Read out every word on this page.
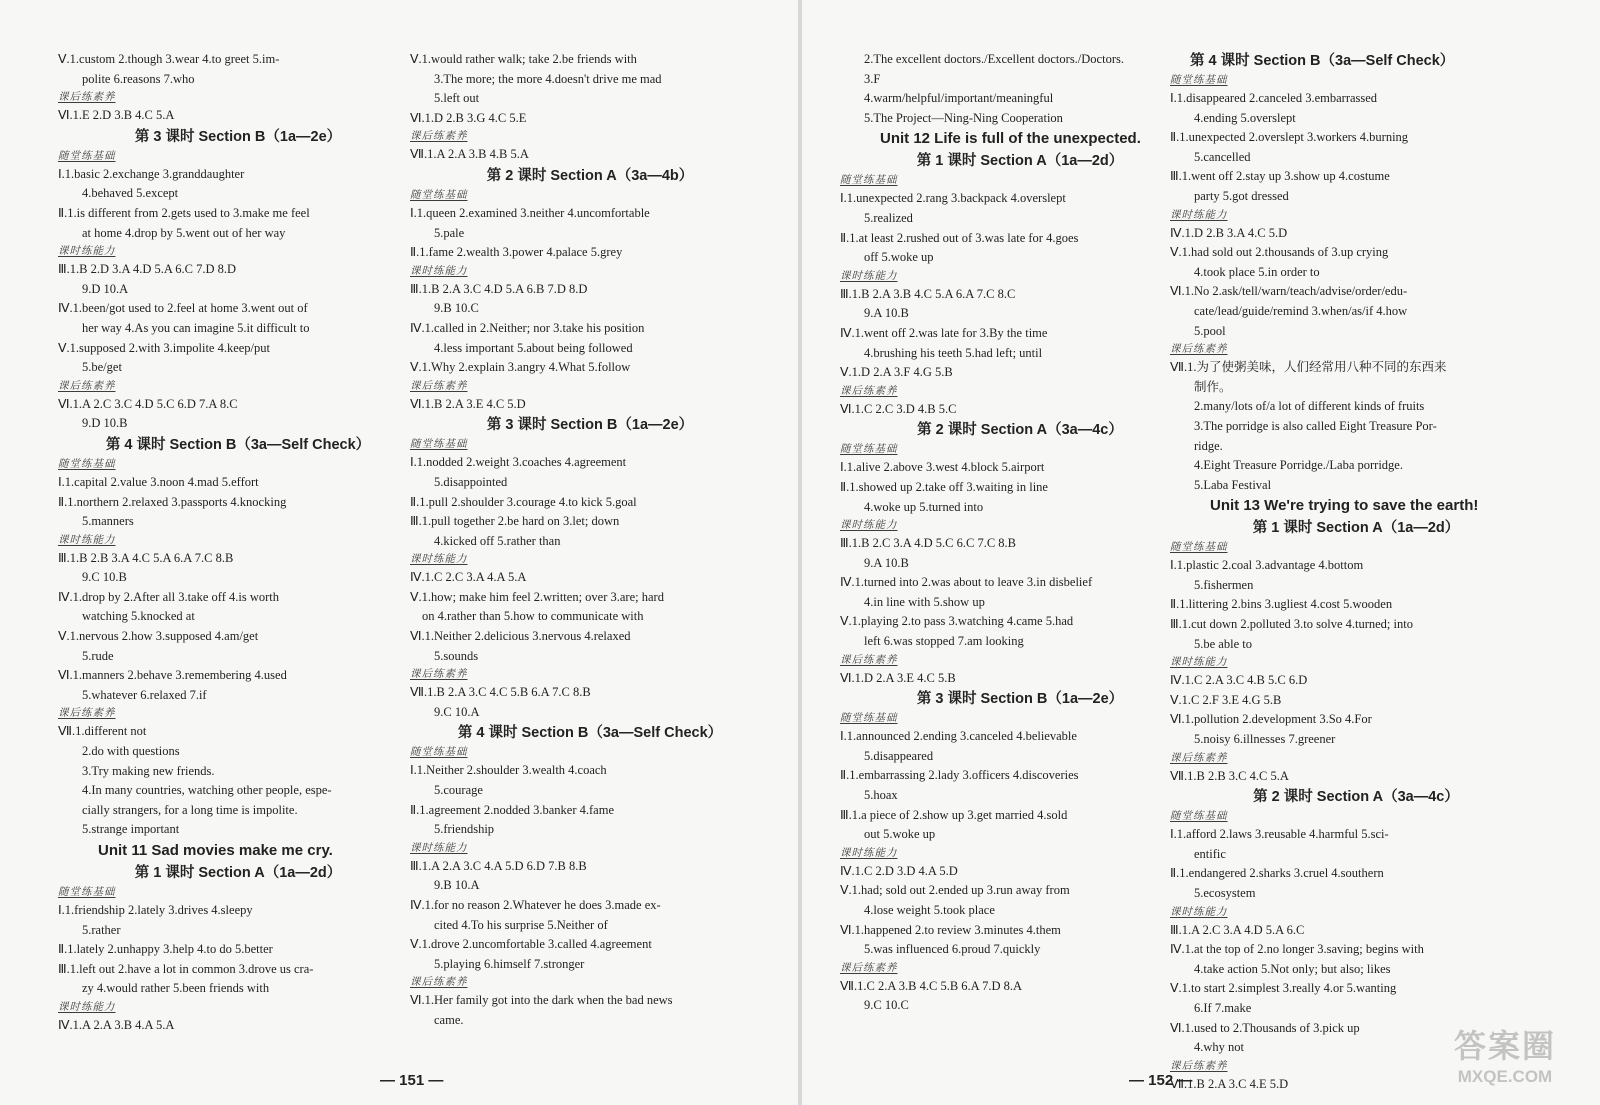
Ⅴ.1.custom 2.though 3.wear 4.to greet 5.im-
polite 6.reasons 7.who
课后练素养
Ⅵ.1.E 2.D 3.B 4.C 5.A
第 3 课时 Section B（1a—2e）
随堂练基础
Ⅰ.1.basic 2.exchange 3.granddaughter
4.behaved 5.except
Ⅱ.1.is different from 2.gets used to 3.make me feel
at home 4.drop by 5.went out of her way
课时练能力
Ⅲ.1.B 2.D 3.A 4.D 5.A 6.C 7.D 8.D
9.D 10.A
Ⅳ.1.been/got used to 2.feel at home 3.went out of
her way 4.As you can imagine 5.it difficult to
Ⅴ.1.supposed 2.with 3.impolite 4.keep/put
5.be/get
课后练素养
Ⅵ.1.A 2.C 3.C 4.D 5.C 6.D 7.A 8.C
9.D 10.B
第 4 课时 Section B（3a—Self Check）
随堂练基础
Ⅰ.1.capital 2.value 3.noon 4.mad 5.effort
Ⅱ.1.northern 2.relaxed 3.passports 4.knocking
5.manners
课时练能力
Ⅲ.1.B 2.B 3.A 4.C 5.A 6.A 7.C 8.B
9.C 10.B
Ⅳ.1.drop by 2.After all 3.take off 4.is worth
watching 5.knocked at
Ⅴ.1.nervous 2.how 3.supposed 4.am/get
5.rude
Ⅵ.1.manners 2.behave 3.remembering 4.used
5.whatever 6.relaxed 7.if
课后练素养
Ⅶ.1.different not
2.do with questions
3.Try making new friends.
4.In many countries, watching other people, espe-
cially strangers, for a long time is impolite.
5.strange important
Unit 11 Sad movies make me cry.
第 1 课时 Section A（1a—2d）
随堂练基础
Ⅰ.1.friendship 2.lately 3.drives 4.sleepy
5.rather
Ⅱ.1.lately 2.unhappy 3.help 4.to do 5.better
Ⅲ.1.left out 2.have a lot in common 3.drove us cra-
zy 4.would rather 5.been friends with
课时练能力
Ⅳ.1.A 2.A 3.B 4.A 5.A
Ⅴ.1.would rather walk; take 2.be friends with
3.The more; the more 4.doesn't drive me mad
5.left out
Ⅵ.1.D 2.B 3.G 4.C 5.E
课后练素养
Ⅶ.1.A 2.A 3.B 4.B 5.A
第 2 课时 Section A（3a—4b）
随堂练基础
Ⅰ.1.queen 2.examined 3.neither 4.uncomfortable
5.pale
Ⅱ.1.fame 2.wealth 3.power 4.palace 5.grey
课时练能力
Ⅲ.1.B 2.A 3.C 4.D 5.A 6.B 7.D 8.D
9.B 10.C
Ⅳ.1.called in 2.Neither; nor 3.take his position
4.less important 5.about being followed
Ⅴ.1.Why 2.explain 3.angry 4.What 5.follow
课后练素养
Ⅵ.1.B 2.A 3.E 4.C 5.D
第 3 课时 Section B（1a—2e）
随堂练基础
Ⅰ.1.nodded 2.weight 3.coaches 4.agreement
5.disappointed
Ⅱ.1.pull 2.shoulder 3.courage 4.to kick 5.goal
Ⅲ.1.pull together 2.be hard on 3.let; down
4.kicked off 5.rather than
课时练能力
Ⅳ.1.C 2.C 3.A 4.A 5.A
Ⅴ.1.how; make him feel 2.written; over 3.are; hard
on 4.rather than 5.how to communicate with
Ⅵ.1.Neither 2.delicious 3.nervous 4.relaxed
5.sounds
课后练素养
Ⅶ.1.B 2.A 3.C 4.C 5.B 6.A 7.C 8.B
9.C 10.A
第 4 课时 Section B（3a—Self Check）
随堂练基础
Ⅰ.1.Neither 2.shoulder 3.wealth 4.coach
5.courage
Ⅱ.1.agreement 2.nodded 3.banker 4.fame
5.friendship
课时练能力
Ⅲ.1.A 2.A 3.C 4.A 5.D 6.D 7.B 8.B
9.B 10.A
Ⅳ.1.for no reason 2.Whatever he does 3.made ex-
cited 4.To his surprise 5.Neither of
Ⅴ.1.drove 2.uncomfortable 3.called 4.agreement
5.playing 6.himself 7.stronger
课后练素养
Ⅵ.1.Her family got into the dark when the bad news
came.
— 151 —
2.The excellent doctors./Excellent doctors./Doctors.
3.F
4.warm/helpful/important/meaningful
5.The Project—Ning-Ning Cooperation
Unit 12 Life is full of the unexpected.
第 1 课时 Section A（1a—2d）
随堂练基础
Ⅰ.1.unexpected 2.rang 3.backpack 4.overslept
5.realized
Ⅱ.1.at least 2.rushed out of 3.was late for 4.goes
off 5.woke up
课时练能力
Ⅲ.1.B 2.A 3.B 4.C 5.A 6.A 7.C 8.C
9.A 10.B
Ⅳ.1.went off 2.was late for 3.By the time
4.brushing his teeth 5.had left; until
Ⅴ.1.D 2.A 3.F 4.G 5.B
课后练素养
Ⅵ.1.C 2.C 3.D 4.B 5.C
第 2 课时 Section A（3a—4c）
随堂练基础
Ⅰ.1.alive 2.above 3.west 4.block 5.airport
Ⅱ.1.showed up 2.take off 3.waiting in line
4.woke up 5.turned into
课时练能力
Ⅲ.1.B 2.C 3.A 4.D 5.C 6.C 7.C 8.B
9.A 10.B
Ⅳ.1.turned into 2.was about to leave 3.in disbelief
4.in line with 5.show up
Ⅴ.1.playing 2.to pass 3.watching 4.came 5.had
left 6.was stopped 7.am looking
课后练素养
Ⅵ.1.D 2.A 3.E 4.C 5.B
第 3 课时 Section B（1a—2e）
随堂练基础
Ⅰ.1.announced 2.ending 3.canceled 4.believable
5.disappeared
Ⅱ.1.embarrassing 2.lady 3.officers 4.discoveries
5.hoax
Ⅲ.1.a piece of 2.show up 3.get married 4.sold
out 5.woke up
课时练能力
Ⅳ.1.C 2.D 3.D 4.A 5.D
Ⅴ.1.had; sold out 2.ended up 3.run away from
4.lose weight 5.took place
Ⅵ.1.happened 2.to review 3.minutes 4.them
5.was influenced 6.proud 7.quickly
课后练素养
Ⅶ.1.C 2.A 3.B 4.C 5.B 6.A 7.D 8.A
9.C 10.C
第 4 课时 Section B（3a—Self Check）
随堂练基础
Ⅰ.1.disappeared 2.canceled 3.embarrassed
4.ending 5.overslept
Ⅱ.1.unexpected 2.overslept 3.workers 4.burning
5.cancelled
Ⅲ.1.went off 2.stay up 3.show up 4.costume
party 5.got dressed
课时练能力
Ⅳ.1.D 2.B 3.A 4.C 5.D
Ⅴ.1.had sold out 2.thousands of 3.up crying
4.took place 5.in order to
Ⅵ.1.No 2.ask/tell/warn/teach/advise/order/edu-
cate/lead/guide/remind 3.when/as/if 4.how
5.pool
课后练素养
Ⅶ.1.为了使粥美味，人们经常用八种不同的东西来
制作。
2.many/lots of/a lot of different kinds of fruits
3.The porridge is also called Eight Treasure Por-
ridge.
4.Eight Treasure Porridge./Laba porridge.
5.Laba Festival
Unit 13 We're trying to save the earth!
第 1 课时 Section A（1a—2d）
随堂练基础
Ⅰ.1.plastic 2.coal 3.advantage 4.bottom
5.fishermen
Ⅱ.1.littering 2.bins 3.ugliest 4.cost 5.wooden
Ⅲ.1.cut down 2.polluted 3.to solve 4.turned; into
5.be able to
课时练能力
Ⅳ.1.C 2.A 3.C 4.B 5.C 6.D
Ⅴ.1.C 2.F 3.E 4.G 5.B
Ⅵ.1.pollution 2.development 3.So 4.For
5.noisy 6.illnesses 7.greener
课后练素养
Ⅶ.1.B 2.B 3.C 4.C 5.A
第 2 课时 Section A（3a—4c）
随堂练基础
Ⅰ.1.afford 2.laws 3.reusable 4.harmful 5.sci-
entific
Ⅱ.1.endangered 2.sharks 3.cruel 4.southern
5.ecosystem
课时练能力
Ⅲ.1.A 2.C 3.A 4.D 5.A 6.C
Ⅳ.1.at the top of 2.no longer 3.saving; begins with
4.take action 5.Not only; but also; likes
Ⅴ.1.to start 2.simplest 3.really 4.or 5.wanting
6.If 7.make
Ⅵ.1.used to 2.Thousands of 3.pick up
4.why not
课后练素养
Ⅶ.1.B 2.A 3.C 4.E 5.D
— 152 —
答案圈
MXQE.COM
